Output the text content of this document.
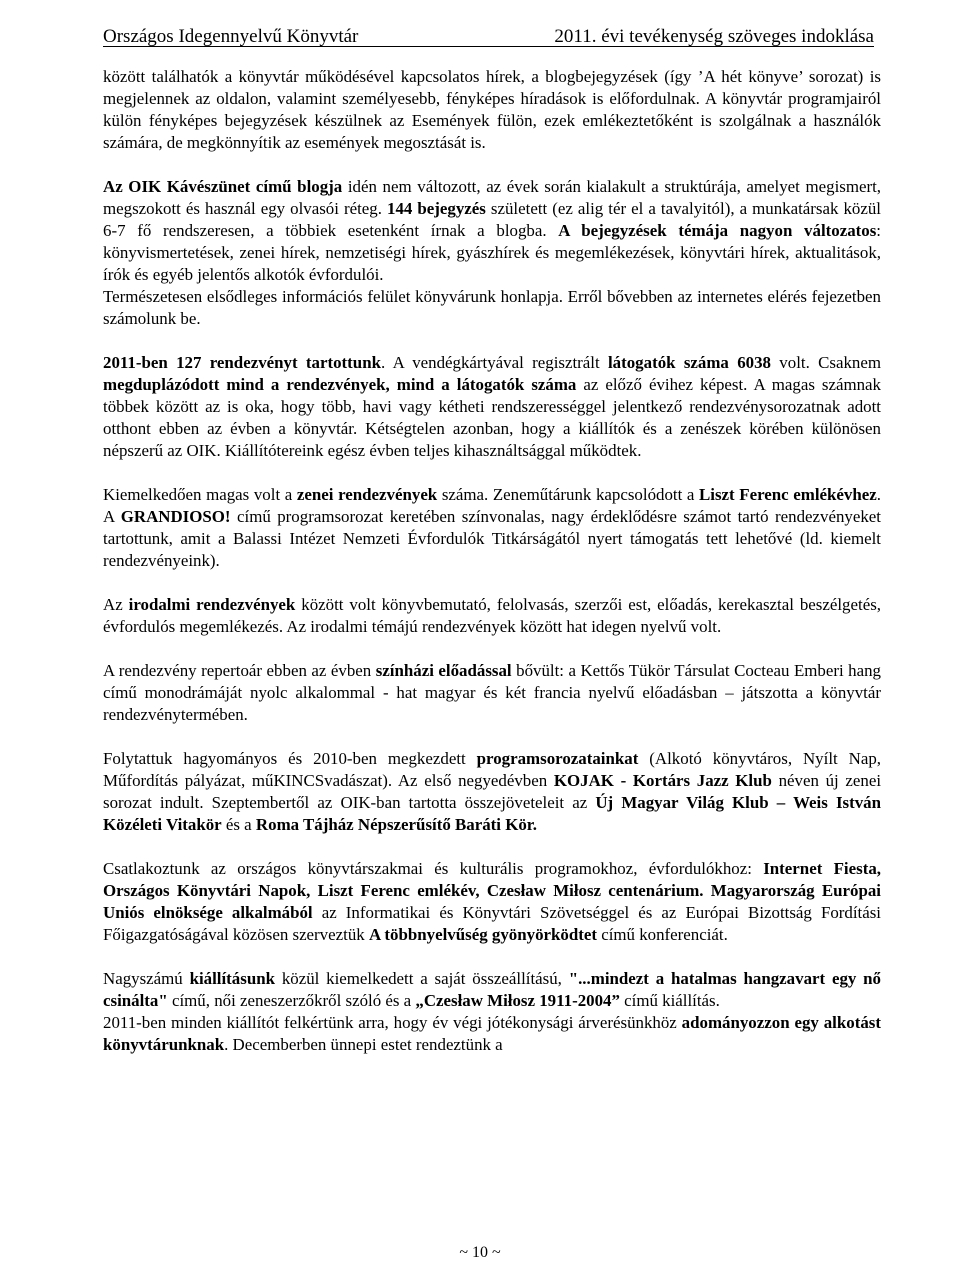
Országos Idegennyelvű Könyvtár	2011. évi tevékenység szöveges indoklása

között találhatók a könyvtár működésével kapcsolatos hírek, a blogbejegyzések (így ’A hét könyve’ sorozat) is megjelennek az oldalon, valamint személyesebb, fényképes híradások is előfordulnak. A könyvtár programjairól külön fényképes bejegyzések készülnek az Események fülön, ezek emlékeztetőként is szolgálnak a használók számára, de megkönnyítik az események megosztását is.

Az OIK Kávészünet című blogja idén nem változott, az évek során kialakult a struktúrája, amelyet megismert, megszokott és használ egy olvasói réteg. 144 bejegyzés született (ez alig tér el a tavalyitól), a munkatársak közül 6-7 fő rendszeresen, a többiek esetenként írnak a blogba. A bejegyzések témája nagyon változatos: könyvismertetések, zenei hírek, nemzetiségi hírek, gyászhírek és megemlékezések, könyvtári hírek, aktualitások, írók és egyéb jelentős alkotók évfordulói.

Természetesen elsődleges információs felület könyvárunk honlapja. Erről bővebben az internetes elérés fejezetben számolunk be.

2011-ben 127 rendezvényt tartottunk. A vendégkártyával regisztrált látogatók száma 6038 volt. Csaknem megduplázódott mind a rendezvények, mind a látogatók száma az előző évihez képest. A magas számnak többek között az is oka, hogy több, havi vagy kétheti rendszerességgel jelentkező rendezvénysorozatnak adott otthont ebben az évben a könyvtár. Kétségtelen azonban, hogy a kiállítók és a zenészek körében különösen népszerű az OIK. Kiállítótereink egész évben teljes kihasználtsággal működtek.

Kiemelkedően magas volt a zenei rendezvények száma. Zeneműtárunk kapcsolódott a Liszt Ferenc emlékévhez. A GRANDIOSO! című programsorozat keretében színvonalas, nagy érdeklődésre számot tartó rendezvényeket tartottunk, amit a Balassi Intézet Nemzeti Évfordulók Titkárságától nyert támogatás tett lehetővé (ld. kiemelt rendezvényeink).

Az irodalmi rendezvények között volt könyvbemutató, felolvasás, szerzői est, előadás, kerekasztal beszélgetés, évfordulós megemlékezés. Az irodalmi témájú rendezvények között hat idegen nyelvű volt.

A rendezvény repertoár ebben az évben színházi előadással bővült: a Kettős Tükör Társulat Cocteau Emberi hang című monodrámáját nyolc alkalommal - hat magyar és két francia nyelvű előadásban – játszotta a könyvtár rendezvénytermében.

Folytattuk hagyományos és 2010-ben megkezdett programsorozatainkat (Alkotó könyvtáros, Nyílt Nap, Műfordítás pályázat, műKINCSvadászat). Az első negyedévben KOJAK - Kortárs Jazz Klub néven új zenei sorozat indult. Szeptembertől az OIK-ban tartotta összejöveteleit az Új Magyar Világ Klub – Weis István Közéleti Vitakör és a Roma Tájház Népszerűsítő Baráti Kör.

Csatlakoztunk az országos könyvtárszakmai és kulturális programokhoz, évfordulókhoz: Internet Fiesta, Országos Könyvtári Napok, Liszt Ferenc emlékév, Czesław Miłosz centenárium. Magyarország Európai Uniós elnöksége alkalmából az Informatikai és Könyvtári Szövetséggel és az Európai Bizottság Fordítási Főigazgatóságával közösen szerveztük A többnyelvűség gyönyörködtet című konferenciát.

Nagyszámú kiállításunk közül kiemelkedett a saját összeállítású, "...mindezt a hatalmas hangzavart egy nő csinálta" című, női zeneszerzőkről szóló és a „Czesław Miłosz 1911-2004” című kiállítás.

2011-ben minden kiállítót felkértünk arra, hogy év végi jótékonysági árverésünkhöz adományozzon egy alkotást könyvtárunknak. Decemberben ünnepi estet rendeztünk a

~ 10 ~
